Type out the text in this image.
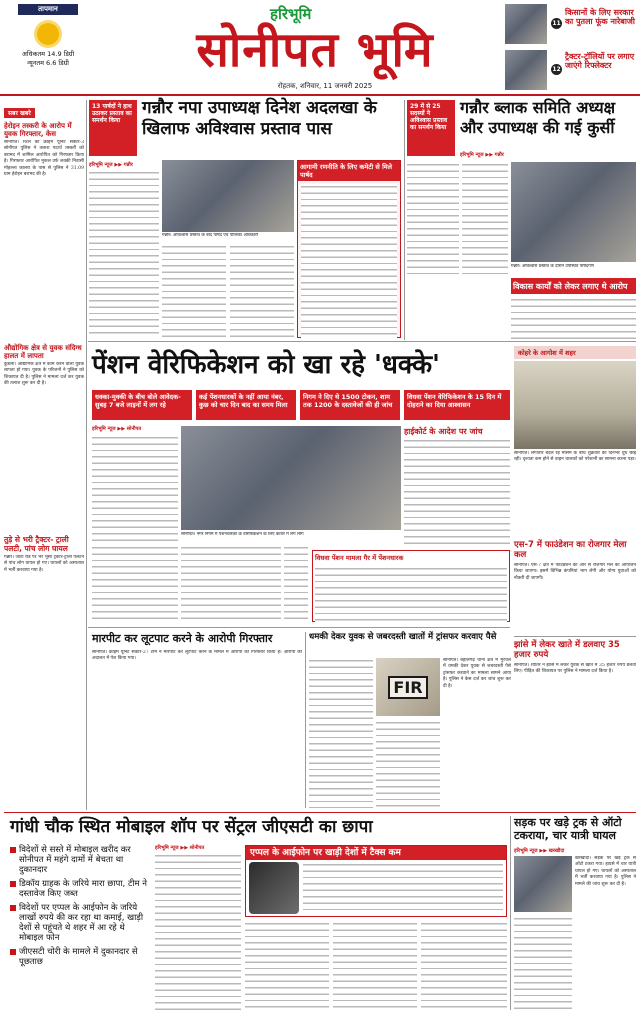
तापमान
अधिकतम 14.9 डिग्री
न्यूनतम 6.6 डिग्री
हरिभूमि
सोनीपत भूमि
रोहतक, शनिवार, 11 जनवरी 2025
11
किसानों के लिए सरकार का पुतला फूंक नारेबाजी
12
ट्रैक्टर-ट्रॉलियों पर लगाए जाएंगे रिफ्लेक्टर
सबर खबरे
हेरोइन तस्करी के आरोप में युवक गिरफ्तार, केस
सोनीपत। जिले की क्राइम यूनिट सेक्टर-3 सोनीपत पुलिस ने तलाश पदार्थ तस्करी को बरामद में शामिल आरोपित को गिरफ्तार किया है। गिरफ्तार आरोपित मुकल उर्फ लक्की निवासी मोहल्ला कालरा के पास से पुलिस ने 31.09 ग्राम हेरोइन बरामद की है।
औद्योगिक क्षेत्र से युवक संदिग्ध हालत में लापता
कुंडली। औद्योगिक क्षेत्र में काम करने वाला युवक लापता हो गया। युवक के परिजनों ने पुलिस को शिकायत दी है। पुलिस ने मामला दर्ज कर युवक की तलाश शुरू कर दी है।
तुड़े से भरी ट्रैक्टर- ट्राली पलटी, पांच लोग घायल
गन्नौर। जीटी रोड पर भरे भूसा ट्रैक्टर-ट्रॉली पलटने से पांच लोग घायल हो गए। घायलों को अस्पताल में भर्ती करवाया गया है।
13 पार्षदों ने हाथ उठाकर प्रस्ताव का समर्थन किया
गन्नौर नपा उपाध्यक्ष दिनेश अदलखा के खिलाफ अविश्वास प्रस्ताव पास
हरिभूमि न्यूज ▶▶ गन्नौर
गन्नौर। अविश्वास प्रस्ताव के बाद पार्षद एवं पालिका अधिकारी
आगामी रणनीति के लिए कमेटी से मिले पार्षद
29 में से 25 सदस्यों ने अविश्वास प्रस्ताव का समर्थन किया
गन्नौर ब्लाक समिति अध्यक्ष और उपाध्यक्ष की गई कुर्सी
हरिभूमि न्यूज ▶▶ गन्नौर
गन्नौर। अविश्वास प्रस्ताव के दौरान उपस्थित पार्षदगण
विकास कार्यों को लेकर लगाए थे आरोप
कोहरे के आगोश में शहर
सोनीपत। लगातार बदल रहे मौसम के बीच शुक्रवार को दिनभर धुंध छाई रही। दृश्यता कम होने से वाहन चालकों को परेशानी का सामना करना पड़ा।
पेंशन वेरिफिकेशन को खा रहे 'धक्के'
धक्का-मुक्की के बीच बोले आवेदक- सुबह 7 बजे लाइनों में लग रहे
कई पेंशनधारकों के नहीं आया नंबर, कुछ को चार दिन बाद का समय मिला
निगम ने दिए थे 1500 टोकन, शाम तक 1200 के दस्तावेजों की ही जांच
विधवा पेंशन वेरिफिकेशन के 15 दिन में दोहराने का दिया आश्वासन
हरिभूमि न्यूज ▶▶ सोनीपत
सोनीपत। नगर निगम में पेंशनधारकों के वेरिफिकेशन के लिए कतार में लगे लोग
हाईकोर्ट के आदेश पर जांच
विधवा पेंशन मामला गैर में पेंशनधारक
एस-7 में फाउंडेशन का रोजगार मेला कल
सोनीपत। एस-7 क्षेत्र में फाउंडेशन की ओर से रोजगार मेले का आयोजन किया जाएगा। इसमें विभिन्न कंपनियां भाग लेंगी और योग्य युवाओं को नौकरी दी जाएगी।
झांसे में लेकर खाते में डलवाए 35 हजार रुपये
सोनीपत। शातिर ने झांसे में लेकर युवक से खाते में 35 हजार रुपये डलवा लिए। पीड़ित की शिकायत पर पुलिस ने मामला दर्ज किया है।
मारपीट कर लूटपाट करने के आरोपी गिरफ्तार
सोनीपत। क्राइम यूनिट सेक्टर-27 टीम ने मारपीट कर लूटपाट करने के मामले में आरोपी को गिरफ्तार किया है। आरोपी को अदालत में पेश किया गया।
धमकी देकर युवक से जबरदस्ती खातों में ट्रांसफर करवाए पैसे
FIR
सोनीपत। बहालगढ़ थाना क्षेत्र में मुरथल में धमकी देकर युवक से जबरदस्ती पैसे ट्रांसफर करवाने का मामला सामने आया है। पुलिस ने केस दर्ज कर जांच शुरू कर दी है।
गांधी चौक स्थित मोबाइल शॉप पर सेंट्रल जीएसटी का छापा
विदेशों से सस्ते में मोबाइल खरीद कर सोनीपत में महंगे दामों में बेचता था दुकानदार
डिकॉय ग्राहक के जरिये मारा छापा, टीम ने दस्तावेज किए जब्त
विदेशों पर एप्पल के आईफोन के जरिये लाखों रुपये की कर रहा था कमाई, खाड़ी देशों से पहुंचते थे शहर में आ रहे थे मोबाइल फोन
जीएसटी चोरी के मामले में दुकानदार से पूछताछ
हरिभूमि न्यूज ▶▶ सोनीपत	एप्पल के आईफोन पर खाड़ी देशों में टैक्स कम
सड़क पर खड़े ट्रक से ऑटो टकराया, चार यात्री घायल
हरिभूमि न्यूज ▶▶ खरखौदा
खरखौदा। सड़क पर खड़े ट्रक से ऑटो टकरा गया। हादसे में चार यात्री घायल हो गए। घायलों को अस्पताल में भर्ती करवाया गया है। पुलिस ने मामले की जांच शुरू कर दी है।
